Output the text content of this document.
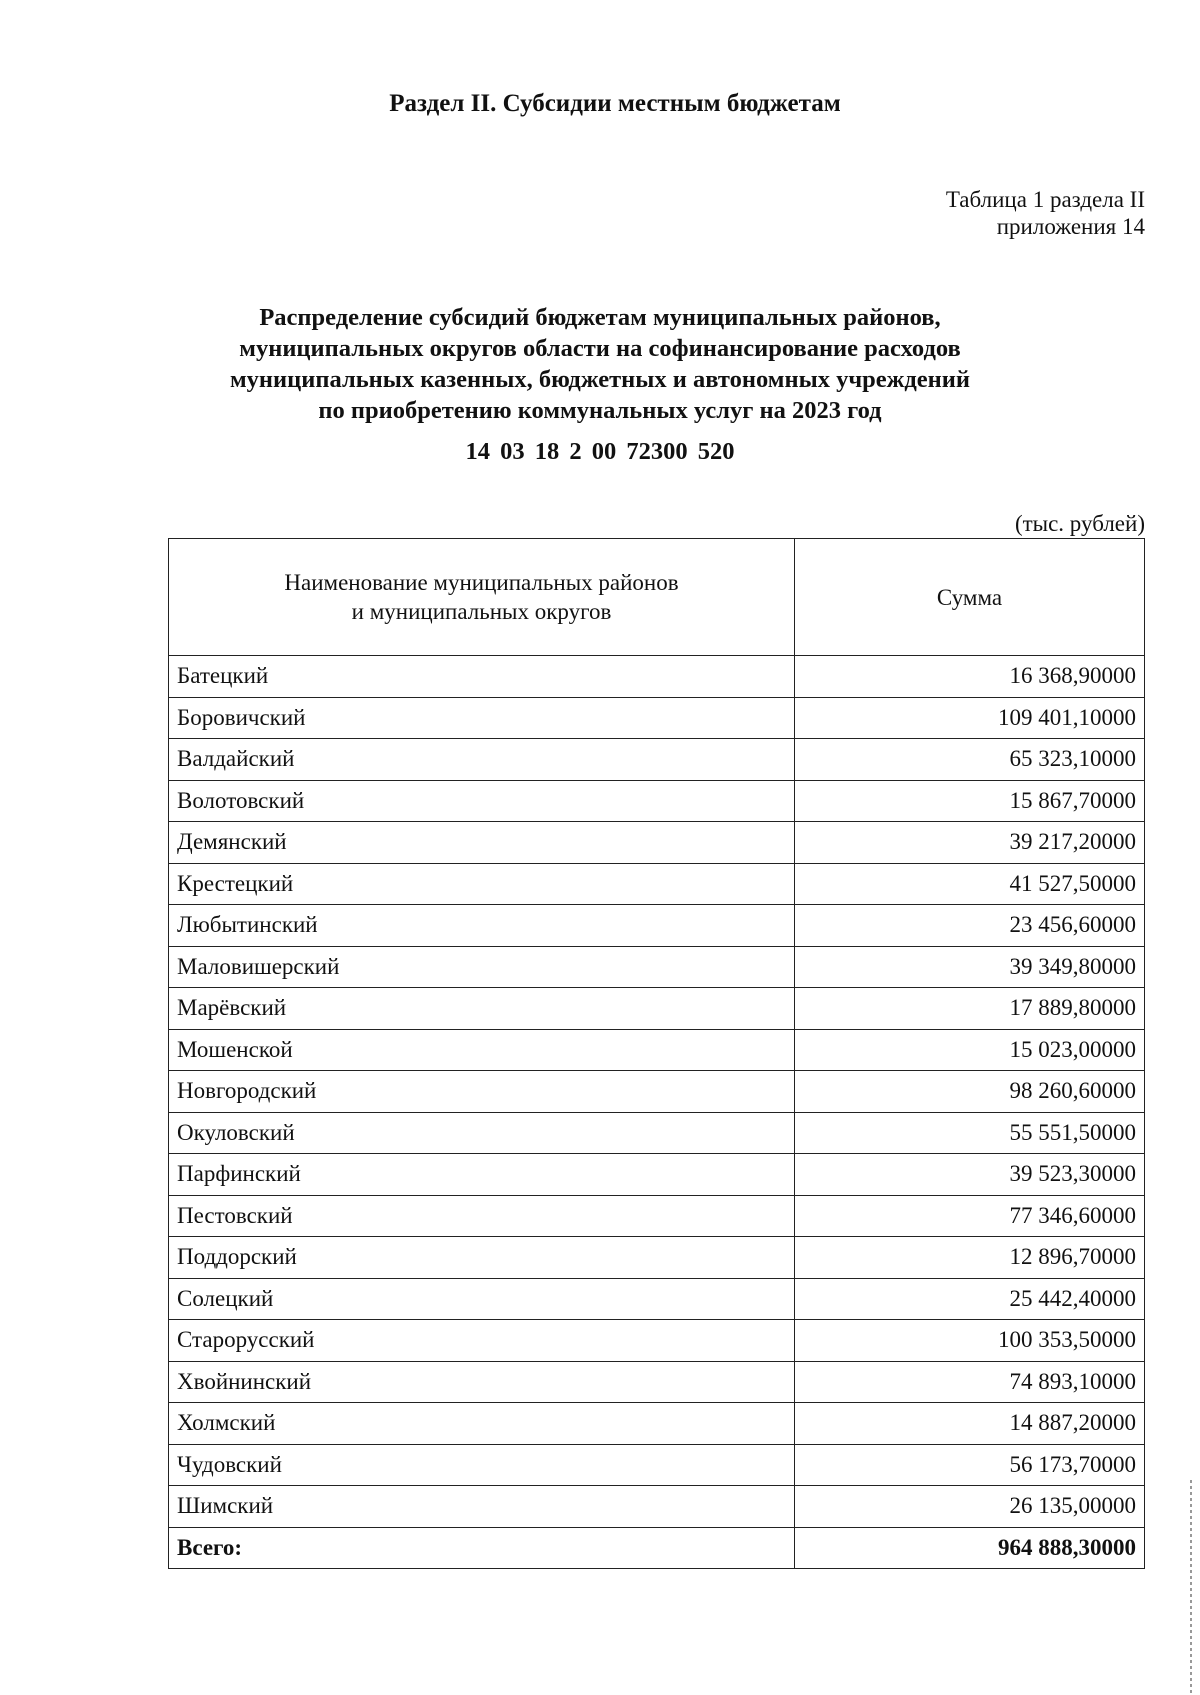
Раздел II. Субсидии местным бюджетам
Таблица 1 раздела II
приложения 14
Распределение субсидий бюджетам муниципальных районов,
муниципальных округов области на софинансирование расходов
муниципальных казенных, бюджетных и автономных учреждений
по приобретению коммунальных услуг на 2023 год
14 03 18 2 00 72300 520
(тыс. рублей)
Наименование муниципальных районов
и муниципальных округов	Сумма
Батецкий	16 368,90000
Боровичский	109 401,10000
Валдайский	65 323,10000
Волотовский	15 867,70000
Демянский	39 217,20000
Крестецкий	41 527,50000
Любытинский	23 456,60000
Маловишерский	39 349,80000
Марёвский	17 889,80000
Мошенской	15 023,00000
Новгородский	98 260,60000
Окуловский	55 551,50000
Парфинский	39 523,30000
Пестовский	77 346,60000
Поддорский	12 896,70000
Солецкий	25 442,40000
Старорусский	100 353,50000
Хвойнинский	74 893,10000
Холмский	14 887,20000
Чудовский	56 173,70000
Шимский	26 135,00000
Всего:	964 888,30000
